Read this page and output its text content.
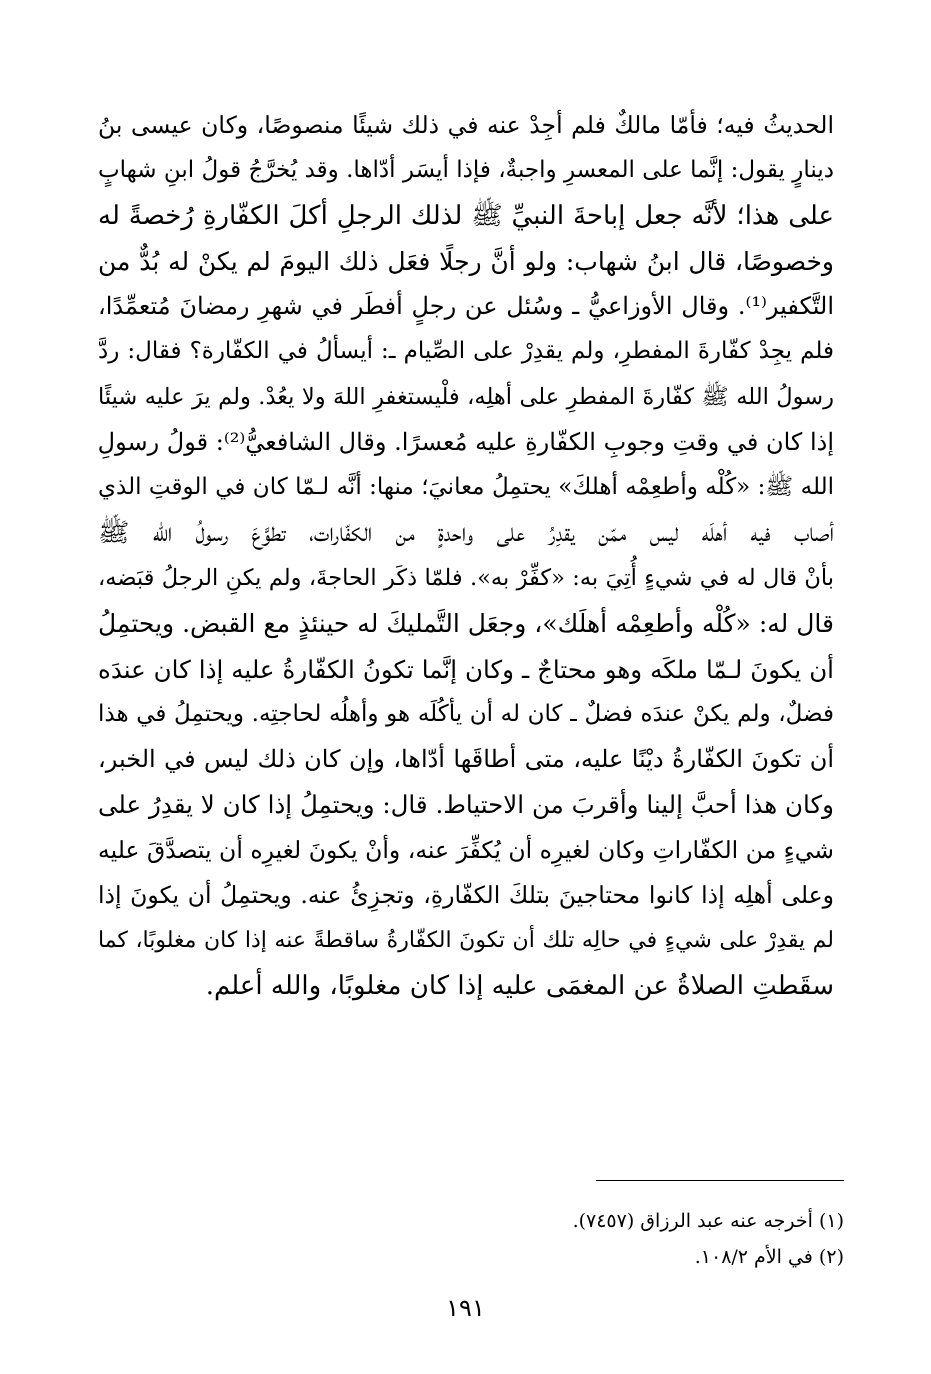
الحديثُ فيه؛ فأمّا مالكٌ فلم أجِدْ عنه في ذلك شيئًا منصوصًا، وكان عيسى بنُ
دينارٍ يقول: إنَّما على المعسرِ واجبةٌ، فإذا أيسَر أدّاها. وقد يُخرَّجُ قولُ ابنِ شهابٍ
على هذا؛ لأنَّه جعل إباحةَ النبيِّ ﷺ لذلك الرجلِ أكلَ الكفّارةِ رُخصةً له
وخصوصًا، قال ابنُ شهاب: ولو أنَّ رجلًا فعَل ذلك اليومَ لم يكنْ له بُدٌّ من
التَّكفير⁽¹⁾. وقال الأوزاعيُّ ـ وسُئل عن رجلٍ أفطَر في شهرِ رمضانَ مُتعمِّدًا،
فلم يجِدْ كفّارةَ المفطرِ، ولم يقدِرْ على الصِّيام ـ: أيسألُ في الكفّارة؟ فقال: ردَّ
رسولُ الله ﷺ كفّارةَ المفطرِ على أهلِه، فلْيستغفرِ اللهَ ولا يعُدْ. ولم يرَ عليه شيئًا
إذا كان في وقتِ وجوبِ الكفّارةِ عليه مُعسرًا. وقال الشافعيُّ⁽²⁾: قولُ رسولِ
الله ﷺ: «كُلْه وأطعِمْه أهلكَ» يحتمِلُ معانيَ؛ منها: أنَّه لـمّا كان في الوقتِ الذي
أصاب فيه أهلَه ليس ممّن يقدِرُ على واحدةٍ من الكفّارات، تطوَّعَ رسولُ الله ﷺ
بأنْ قال له في شيءٍ أُتِيَ به: «كفِّرْ به». فلمّا ذكَر الحاجةَ، ولم يكنِ الرجلُ قبَضه،
قال له: «كُلْه وأطعِمْه أهلَك»، وجعَل التَّمليكَ له حينئذٍ مع القبض. ويحتمِلُ
أن يكونَ لـمّا ملكَه وهو محتاجٌ ـ وكان إنَّما تكونُ الكفّارةُ عليه إذا كان عندَه
فضلٌ، ولم يكنْ عندَه فضلٌ ـ كان له أن يأكُلَه هو وأهلُه لحاجتِه. ويحتمِلُ في هذا
أن تكونَ الكفّارةُ ديْنًا عليه، متى أطاقَها أدّاها، وإن كان ذلك ليس في الخبر،
وكان هذا أحبَّ إلينا وأقربَ من الاحتياط. قال: ويحتمِلُ إذا كان لا يقدِرُ على
شيءٍ من الكفّاراتِ وكان لغيرِه أن يُكفِّرَ عنه، وأنْ يكونَ لغيرِه أن يتصدَّقَ عليه
وعلى أهلِه إذا كانوا محتاجينَ بتلكَ الكفّارةِ، وتجزِئُ عنه. ويحتمِلُ أن يكونَ إذا
لم يقدِرْ على شيءٍ في حالِه تلك أن تكونَ الكفّارةُ ساقطةً عنه إذا كان مغلوبًا، كما
سقَطتِ الصلاةُ عن المغمَى عليه إذا كان مغلوبًا، والله أعلم.
(١) أخرجه عنه عبد الرزاق (٧٤٥٧).
(٢) في الأم ١٠٨/٢.
١٩١
